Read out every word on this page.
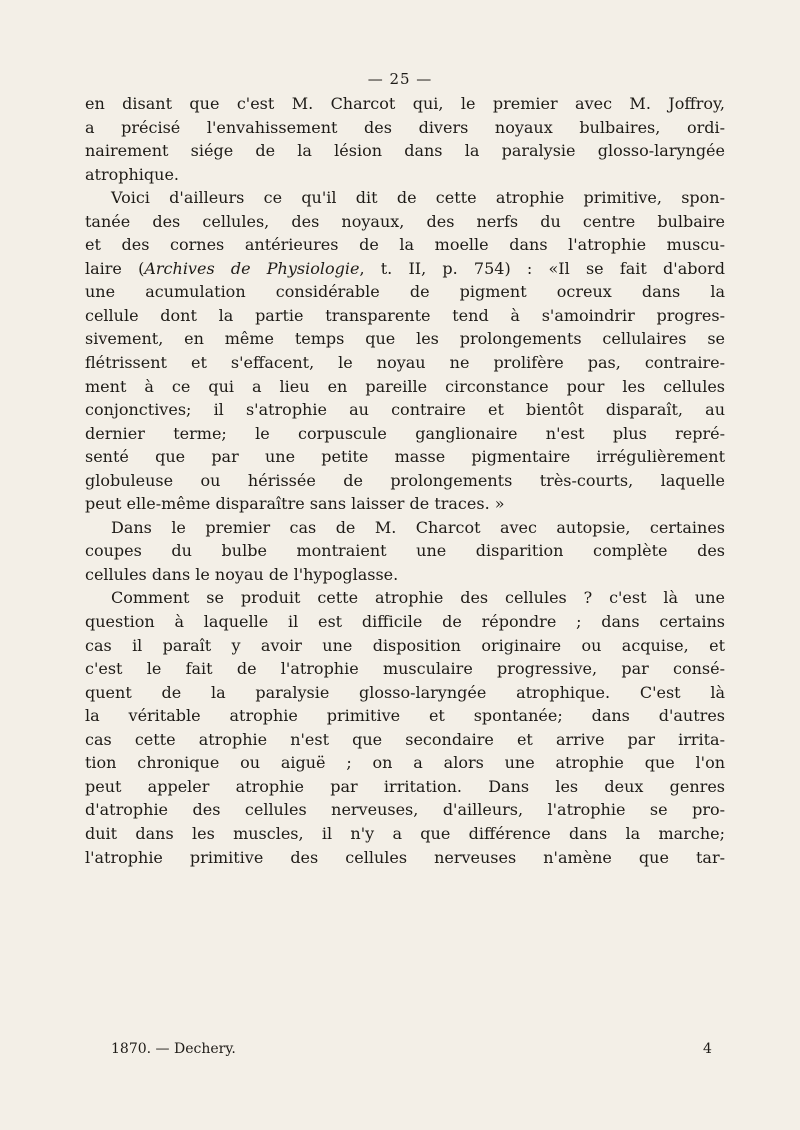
— 25 —
en disant que c'est M. Charcot qui, le premier avec M. Joffroy,
a précisé l'envahissement des divers noyaux bulbaires, ordi-
nairement siége de la lésion dans la paralysie glosso-laryngée
atrophique.
Voici d'ailleurs ce qu'il dit de cette atrophie primitive, spon-
tanée des cellules, des noyaux, des nerfs du centre bulbaire
et des cornes antérieures de la moelle dans l'atrophie muscu-
laire (Archives de Physiologie, t. II, p. 754) : «Il se fait d'abord
une acumulation considérable de pigment ocreux dans la
cellule dont la partie transparente tend à s'amoindrir progres-
sivement, en même temps que les prolongements cellulaires se
flétrissent et s'effacent, le noyau ne prolifère pas, contraire-
ment à ce qui a lieu en pareille circonstance pour les cellules
conjonctives; il s'atrophie au contraire et bientôt disparaît, au
dernier terme; le corpuscule ganglionaire n'est plus repré-
senté que par une petite masse pigmentaire irrégulièrement
globuleuse ou hérissée de prolongements très-courts, laquelle
peut elle-même disparaître sans laisser de traces. »
Dans le premier cas de M. Charcot avec autopsie, certaines
coupes du bulbe montraient une disparition complète des
cellules dans le noyau de l'hypoglasse.
Comment se produit cette atrophie des cellules ? c'est là une
question à laquelle il est difficile de répondre ; dans certains
cas il paraît y avoir une disposition originaire ou acquise, et
c'est le fait de l'atrophie musculaire progressive, par consé-
quent de la paralysie glosso-laryngée atrophique. C'est là
la véritable atrophie primitive et spontanée; dans d'autres
cas cette atrophie n'est que secondaire et arrive par irrita-
tion chronique ou aiguë ; on a alors une atrophie que l'on
peut appeler atrophie par irritation. Dans les deux genres
d'atrophie des cellules nerveuses, d'ailleurs, l'atrophie se pro-
duit dans les muscles, il n'y a que différence dans la marche;
l'atrophie primitive des cellules nerveuses n'amène que tar-
1870. — Dechery.	4
